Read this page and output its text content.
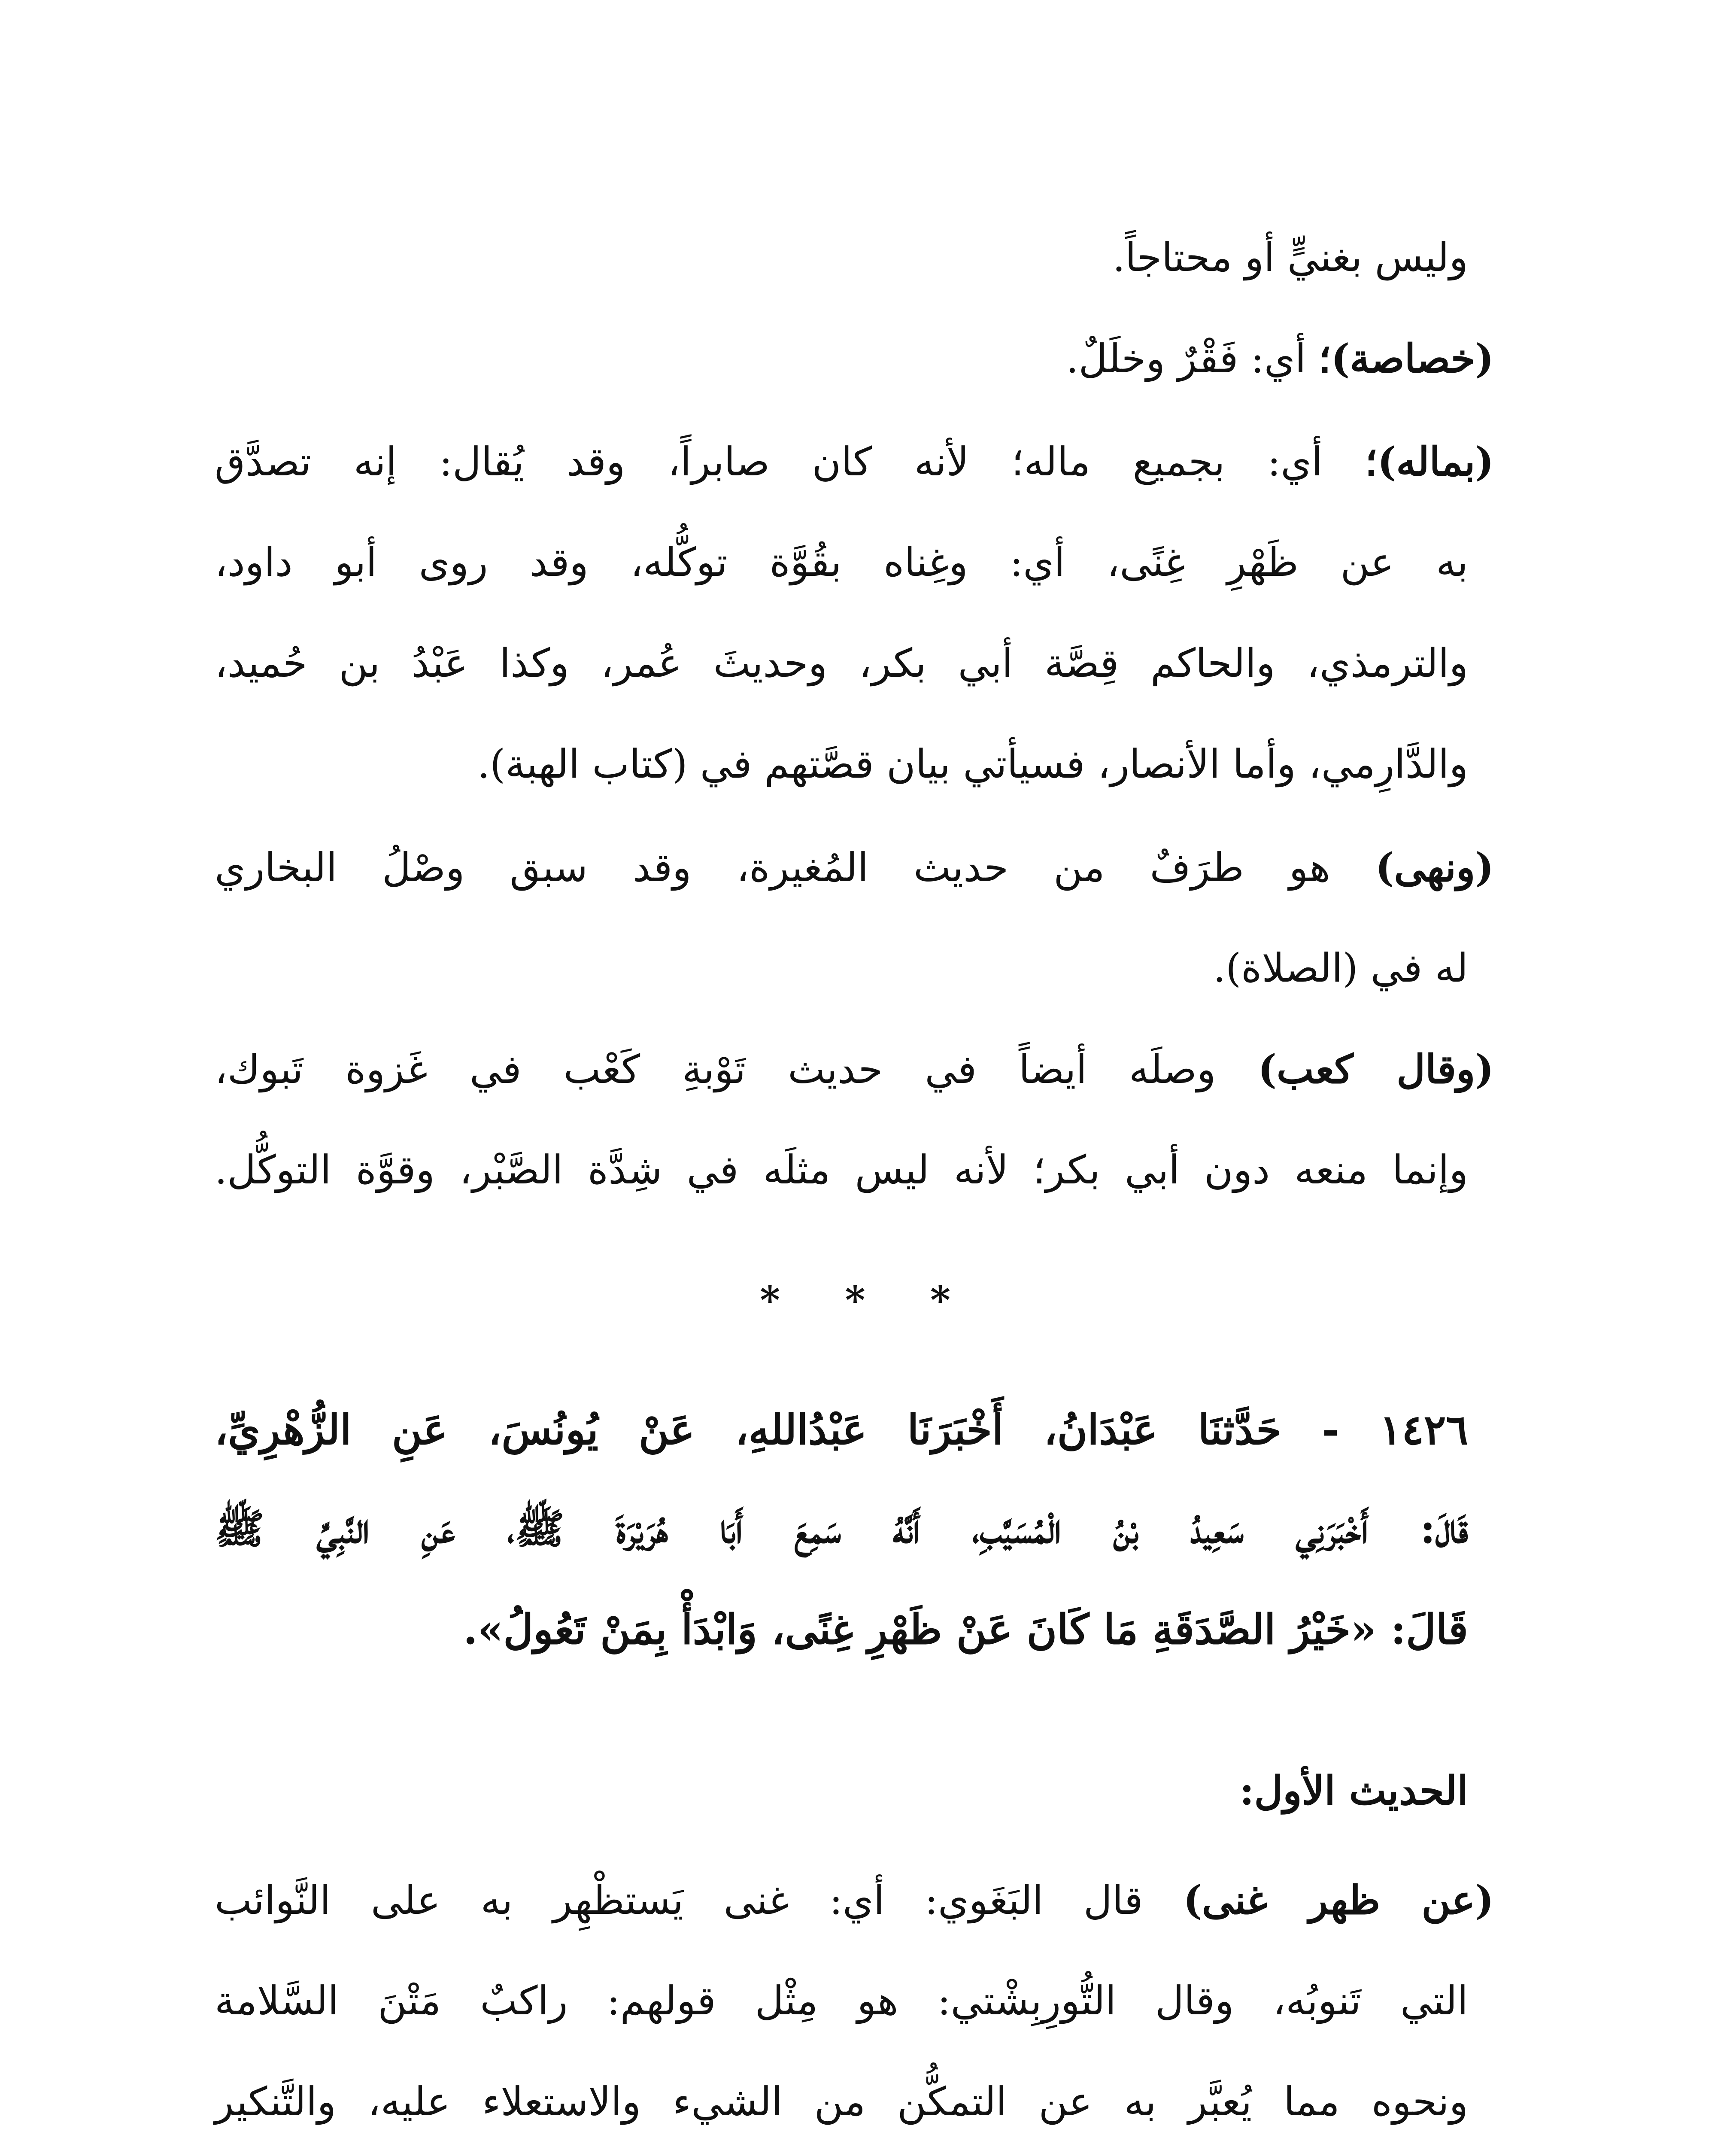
وليس بغنيٍّ أو محتاجاً.
(خصاصة)؛ أي: فَقْرٌ وخلَلٌ.
(بماله)؛ أي: بجميع ماله؛ لأنه كان صابراً، وقد يُقال: إنه تصدَّق
به عن ظَهْرِ غِنًى، أي: وغِناه بقُوَّة توكُّله، وقد روى أبو داود،
والترمذي، والحاكم قِصَّة أبي بكر، وحديثَ عُمر، وكذا عَبْدُ بن حُميد،
والدَّارِمي، وأما الأنصار، فسيأتي بيان قصَّتهم في (كتاب الهبة).
(ونهى) هو طرَفٌ من حديث المُغيرة، وقد سبق وصْلُ البخاري
له في (الصلاة).
(وقال كعب) وصلَه أيضاً في حديث تَوْبةِ كَعْب في غَزوة تَبوك،
وإنما منعه دون أبي بكر؛ لأنه ليس مثلَه في شِدَّة الصَّبْر، وقوَّة التوكُّل.
* * *
١٤٢٦ - حَدَّثنَا عَبْدَانُ، أَخْبَرَنَا عَبْدُاللهِ، عَنْ يُونُسَ، عَنِ الزُّهْرِيِّ،
قَالَ: أَخْبَرَنِي سَعِيدُ بْنُ الْمُسَيَّبِ، أَنَّهُ سَمِعَ أَبَا هُرَيْرَةَ ﷺ، عَنِ النَّبِيِّ ﷺ
قَالَ: «خَيْرُ الصَّدَقَةِ مَا كَانَ عَنْ ظَهْرِ غِنًى، وَابْدَأْ بِمَنْ تَعُولُ».
الحديث الأول:
(عن ظهر غنى) قال البَغَوي: أي: غنى يَستظْهِر به على النَّوائب
التي تَنوبُه، وقال التُّورِبِشْتي: هو مِثْل قولهم: راكبٌ مَتْنَ السَّلامة
ونحوه مما يُعبَّر به عن التمكُّن من الشيء والاستعلاء عليه، والتَّنكير
